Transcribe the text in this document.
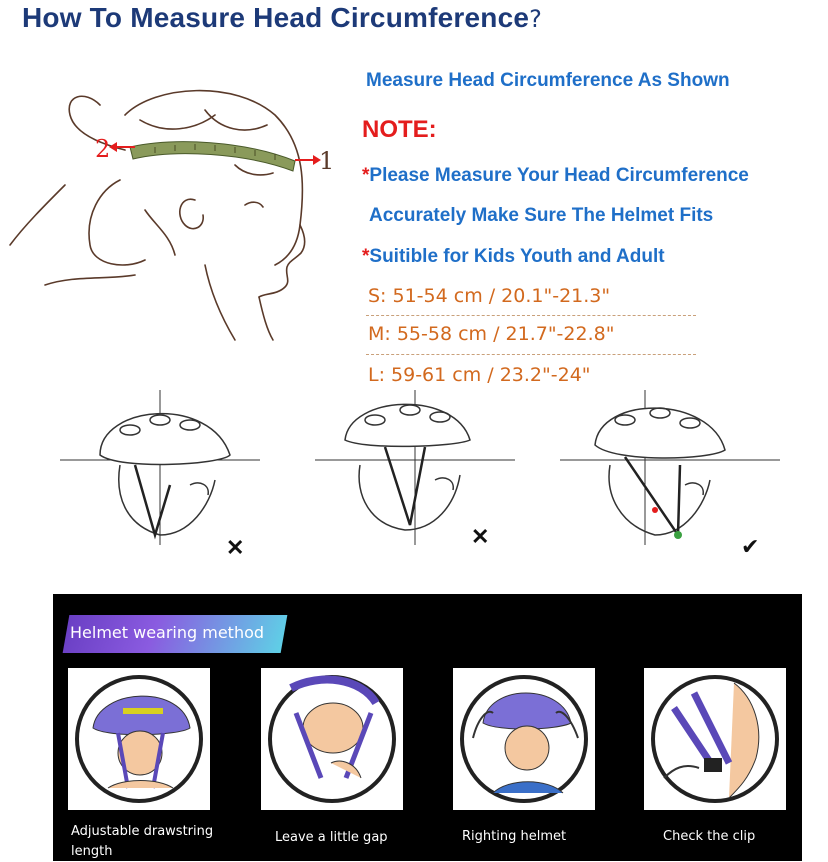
How To Measure Head Circumference?
1
2
Measure Head Circumference As Shown
NOTE:
*Please Measure Your Head Circumference
Accurately Make Sure The Helmet Fits
*Suitible for Kids Youth and Adult
S: 51-54 cm / 20.1"-21.3"
M: 55-58 cm / 21.7"-22.8"
L: 59-61 cm / 23.2"-24"
✕	✕	✔
Helmet wearing method
Adjustable drawstring length
Leave a little gap	Righting helmet	Check the clip
